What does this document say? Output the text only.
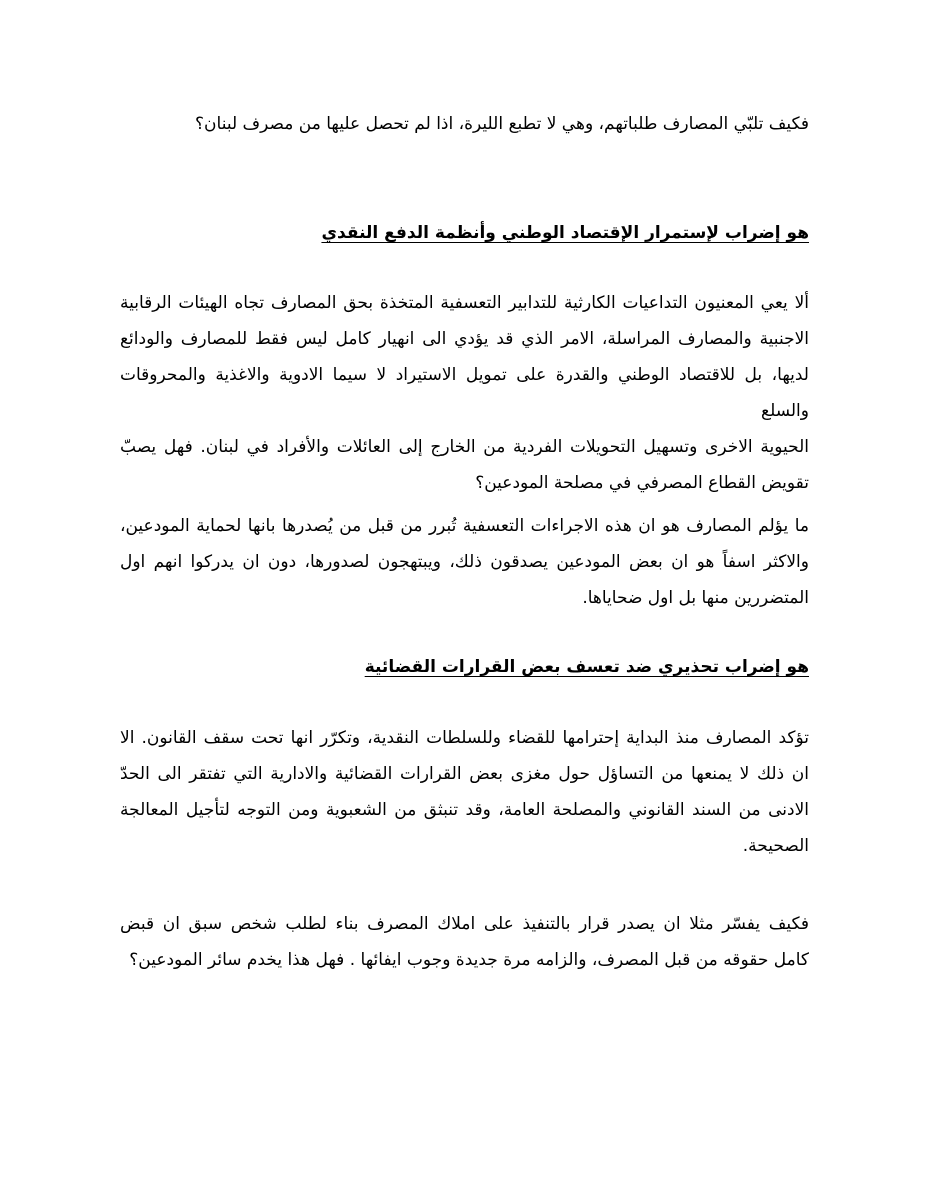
فكيف تلبّي المصارف طلباتهم، وهي لا تطبع الليرة، اذا لم تحصل عليها من مصرف لبنان؟

هو إضراب لإستمرار الإقتصاد الوطني وأنظمة الدفع النقدي

ألا يعي المعنيون التداعيات الكارثية للتدابير التعسفية المتخذة بحق المصارف تجاه الهيئات الرقابية
الاجنبية والمصارف المراسلة، الامر الذي قد يؤدي الى انهيار كامل ليس فقط للمصارف والودائع
لديها، بل للاقتصاد الوطني والقدرة على تمويل الاستيراد لا سيما الادوية والاغذية والمحروقات والسلع
الحيوية الاخرى وتسهيل التحويلات الفردية من الخارج إلى العائلات والأفراد في لبنان. فهل يصبّ
تقويض القطاع المصرفي في مصلحة المودعين؟

ما يؤلم المصارف هو ان هذه الاجراءات التعسفية تُبرر من قبل من يُصدرها بانها لحماية المودعين،
والاكثر اسفاً هو ان بعض المودعين يصدقون ذلك، ويبتهجون لصدورها، دون ان يدركوا انهم اول
المتضررين منها بل اول ضحاياها.

هو إضراب تحذيري ضد تعسف بعض القرارات القضائية

تؤكد المصارف منذ البداية إحترامها للقضاء وللسلطات النقدية، وتكرّر انها تحت سقف القانون. الا
ان ذلك لا يمنعها من التساؤل حول مغزى بعض القرارات القضائية والادارية التي تفتقر الى الحدّ
الادنى من السند القانوني والمصلحة العامة، وقد تنبثق من الشعبوية ومن التوجه لتأجيل المعالجة
الصحيحة.

فكيف يفسّر مثلا ان يصدر قرار بالتنفيذ على املاك المصرف بناء لطلب شخص سبق ان قبض
كامل حقوقه من قبل المصرف، والزامه مرة جديدة وجوب ايفائها . فهل هذا يخدم سائر المودعين؟
